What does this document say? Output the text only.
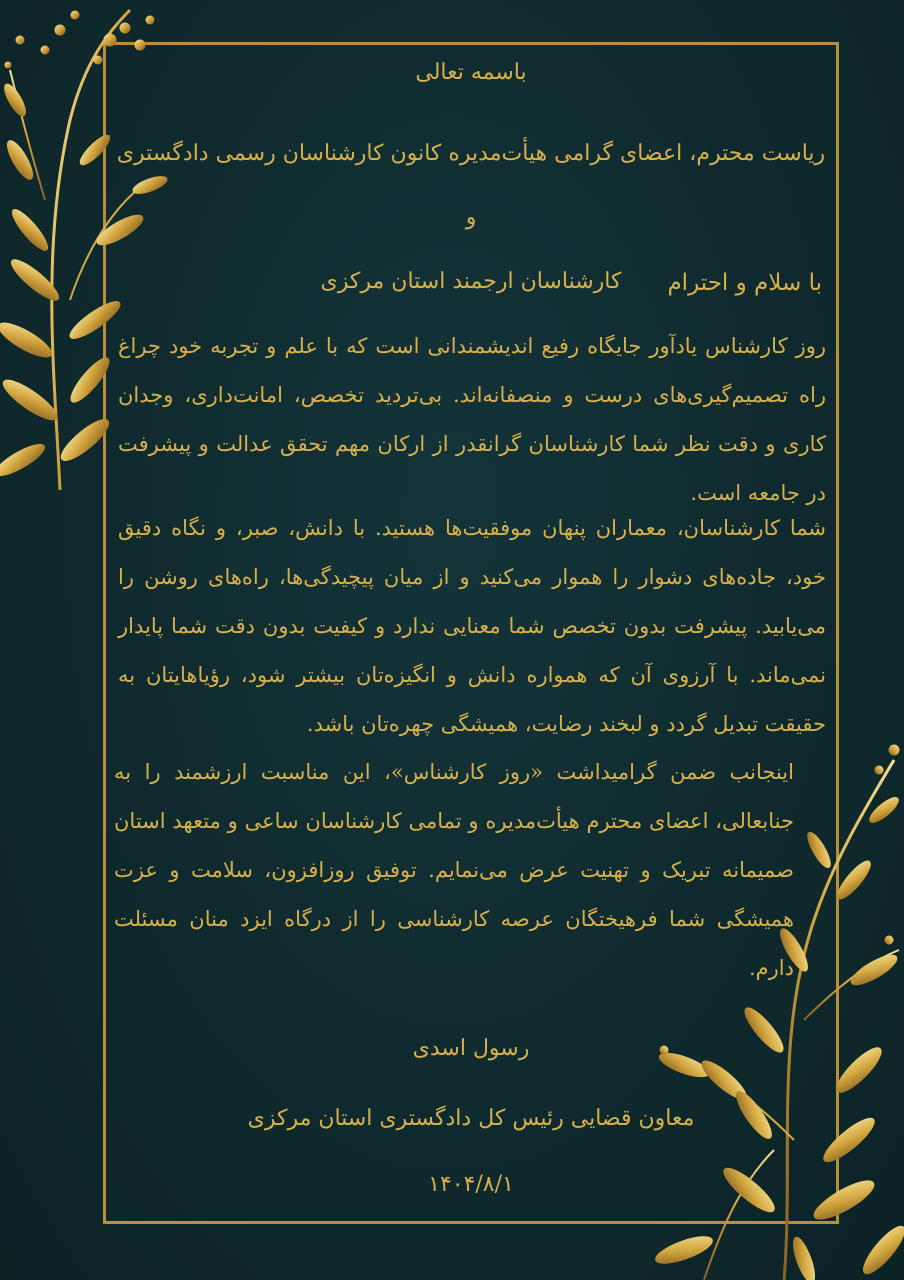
باسمه تعالی
ریاست محترم، اعضای گرامی هیأت‌مدیره کانون کارشناسان رسمی دادگستری و
کارشناسان ارجمند استان مرکزی	با سلام و احترام

روز کارشناس یادآور جایگاه رفیع اندیشمندانی است که با علم و تجربه خود چراغ راه تصمیم‌گیری‌های درست و منصفانه‌اند. بی‌تردید تخصص، امانت‌داری، وجدان کاری و دقت نظر شما کارشناسان گرانقدر از ارکان مهم تحقق عدالت و پیشرفت در جامعه است.

شما کارشناسان، معماران پنهان موفقیت‌ها هستید. با دانش، صبر، و نگاه دقیق خود، جاده‌های دشوار را هموار می‌کنید و از میان پیچیدگی‌ها، راه‌های روشن را می‌یابید. پیشرفت بدون تخصص شما معنایی ندارد و کیفیت بدون دقت شما پایدار نمی‌ماند. با آرزوی آن که همواره دانش و انگیزه‌تان بیشتر شود، رؤیاهایتان به حقیقت تبدیل گردد و لبخند رضایت، همیشگی چهره‌تان باشد.

اینجانب ضمن گرامیداشت «روز کارشناس»، این مناسبت ارزشمند را به جنابعالی، اعضای محترم هیأت‌مدیره و تمامی کارشناسان ساعی و متعهد استان صمیمانه تبریک و تهنیت عرض می‌نمایم. توفیق روزافزون، سلامت و عزت همیشگی شما فرهیختگان عرصه کارشناسی را از درگاه ایزد منان مسئلت دارم.

رسول اسدی
معاون قضایی رئیس کل دادگستری استان مرکزی
۱۴۰۴/۸/۱
